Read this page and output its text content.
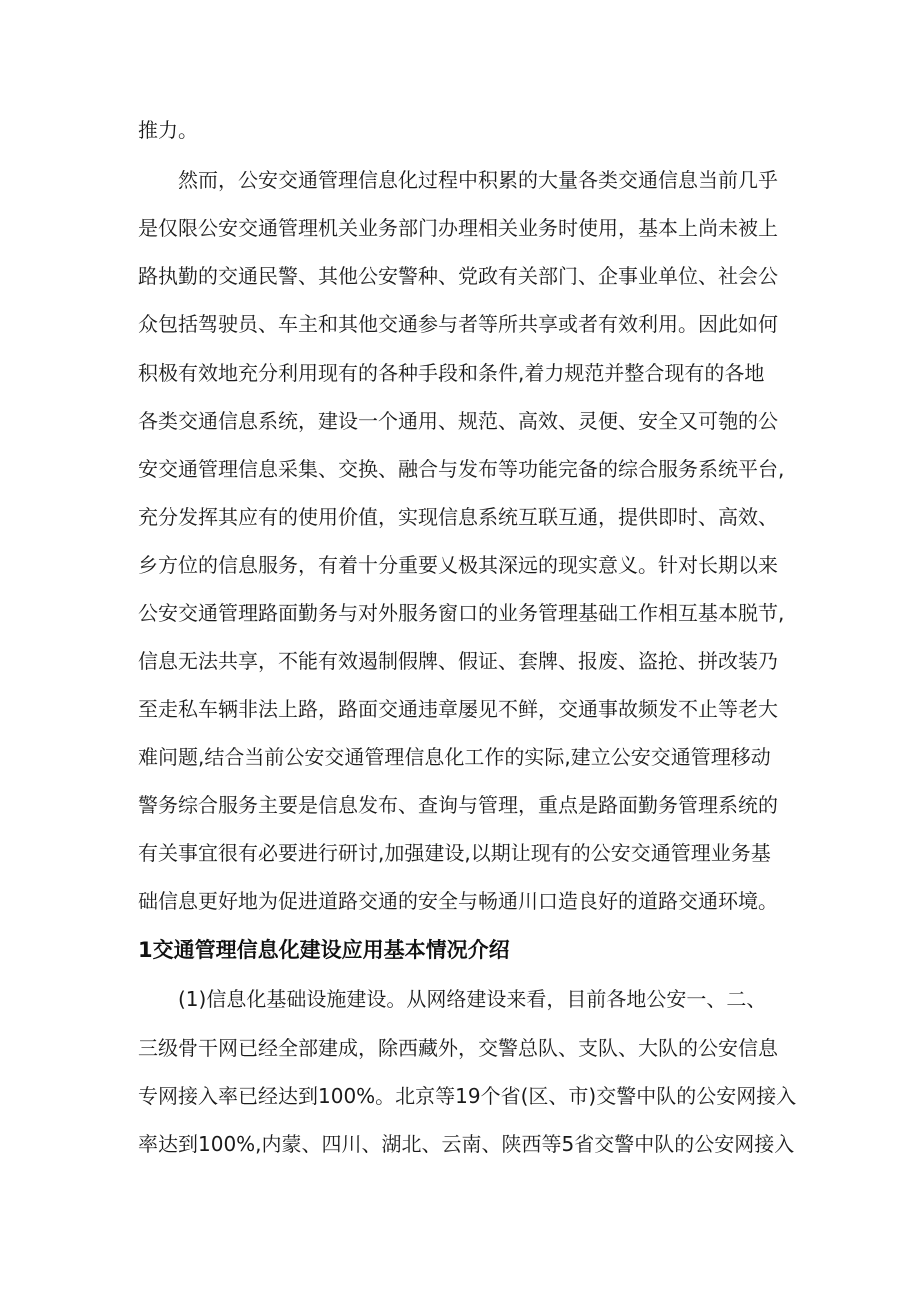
推力。
然而，公安交通管理信息化过程中积累的大量各类交通信息当前几乎
是仅限公安交通管理机关业务部门办理相关业务时使用，基本上尚未被上
路执勤的交通民警、其他公安警种、党政有关部门、企事业单位、社会公
众包括驾驶员、车主和其他交通参与者等所共享或者有效利用。因此如何
积极有效地充分利用现有的各种手段和条件,着力规范并整合现有的各地
各类交通信息系统，建设一个通用、规范、高效、灵便、安全又可匏的公
安交通管理信息采集、交换、融合与发布等功能完备的综合服务系统平台,
充分发挥其应有的使用价值，实现信息系统互联互通，提供即时、高效、
乡方位的信息服务，有着十分重要乂极其深远的现实意义。针对长期以来
公安交通管理路面勤务与对外服务窗口的业务管理基础工作相互基本脱节,
信息无法共享，不能有效遏制假牌、假证、套牌、报废、盗抢、拼改装乃
至走私车辆非法上路，路面交通违章屡见不鲜，交通事故频发不止等老大
难问题,结合当前公安交通管理信息化工作的实际,建立公安交通管理移动
警务综合服务主要是信息发布、查询与管理，重点是路面勤务管理系统的
有关事宜很有必要进行研讨,加强建设,以期让现有的公安交通管理业务基
础信息更好地为促进道路交通的安全与畅通川口造良好的道路交通环境。
1交通管理信息化建设应用基本情况介绍
(1)信息化基础设施建设。从网络建设来看，目前各地公安一、二、
三级骨干网已经全部建成，除西藏外，交警总队、支队、大队的公安信息
专网接入率已经达到100%。北京等19个省(区、市)交警中队的公安网接入
率达到100%,内蒙、四川、湖北、云南、陕西等5省交警中队的公安网接入
